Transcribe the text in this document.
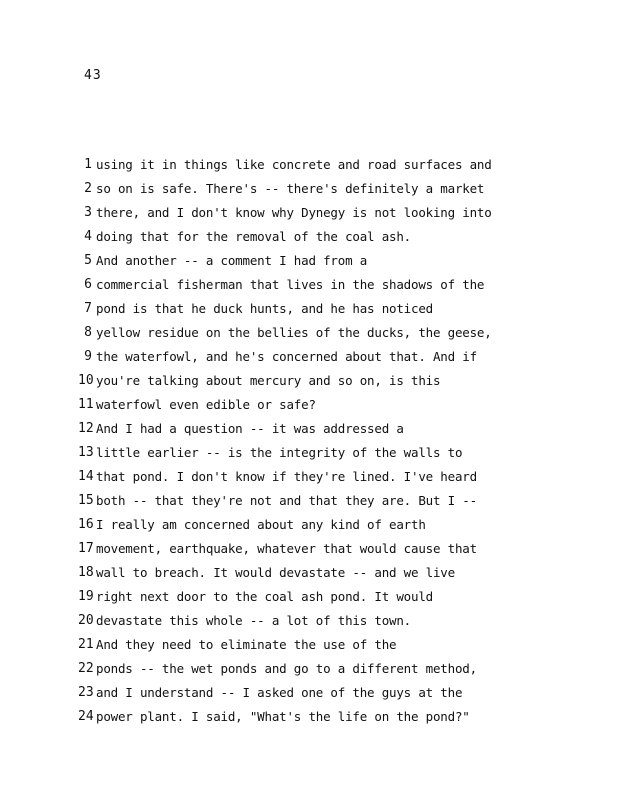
43
1 using it in things like concrete and road surfaces and
2 so on is safe. There's -- there's definitely a market
3 there, and I don't know why Dynegy is not looking into
4 doing that for the removal of the coal ash.
5 And another -- a comment I had from a
6 commercial fisherman that lives in the shadows of the
7 pond is that he duck hunts, and he has noticed
8 yellow residue on the bellies of the ducks, the geese,
9 the waterfowl, and he's concerned about that. And if
10 you're talking about mercury and so on, is this
11 waterfowl even edible or safe?
12 And I had a question -- it was addressed a
13 little earlier -- is the integrity of the walls to
14 that pond. I don't know if they're lined. I've heard
15 both -- that they're not and that they are. But I --
16 I really am concerned about any kind of earth
17 movement, earthquake, whatever that would cause that
18 wall to breach. It would devastate -- and we live
19 right next door to the coal ash pond. It would
20 devastate this whole -- a lot of this town.
21 And they need to eliminate the use of the
22 ponds -- the wet ponds and go to a different method,
23 and I understand -- I asked one of the guys at the
24 power plant. I said, "What's the life on the pond?"
